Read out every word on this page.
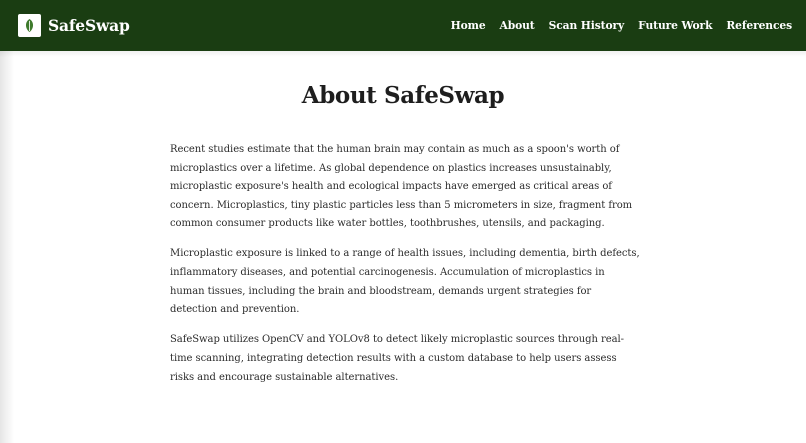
SafeSwap	Home About Scan History Future Work References
About SafeSwap

Recent studies estimate that the human brain may contain as much as a spoon's worth of microplastics over a lifetime. As global dependence on plastics increases unsustainably, microplastic exposure's health and ecological impacts have emerged as critical areas of concern. Microplastics, tiny plastic particles less than 5 micrometers in size, fragment from common consumer products like water bottles, toothbrushes, utensils, and packaging.

Microplastic exposure is linked to a range of health issues, including dementia, birth defects, inflammatory diseases, and potential carcinogenesis. Accumulation of microplastics in human tissues, including the brain and bloodstream, demands urgent strategies for detection and prevention.

SafeSwap utilizes OpenCV and YOLOv8 to detect likely microplastic sources through real-time scanning, integrating detection results with a custom database to help users assess risks and encourage sustainable alternatives.
